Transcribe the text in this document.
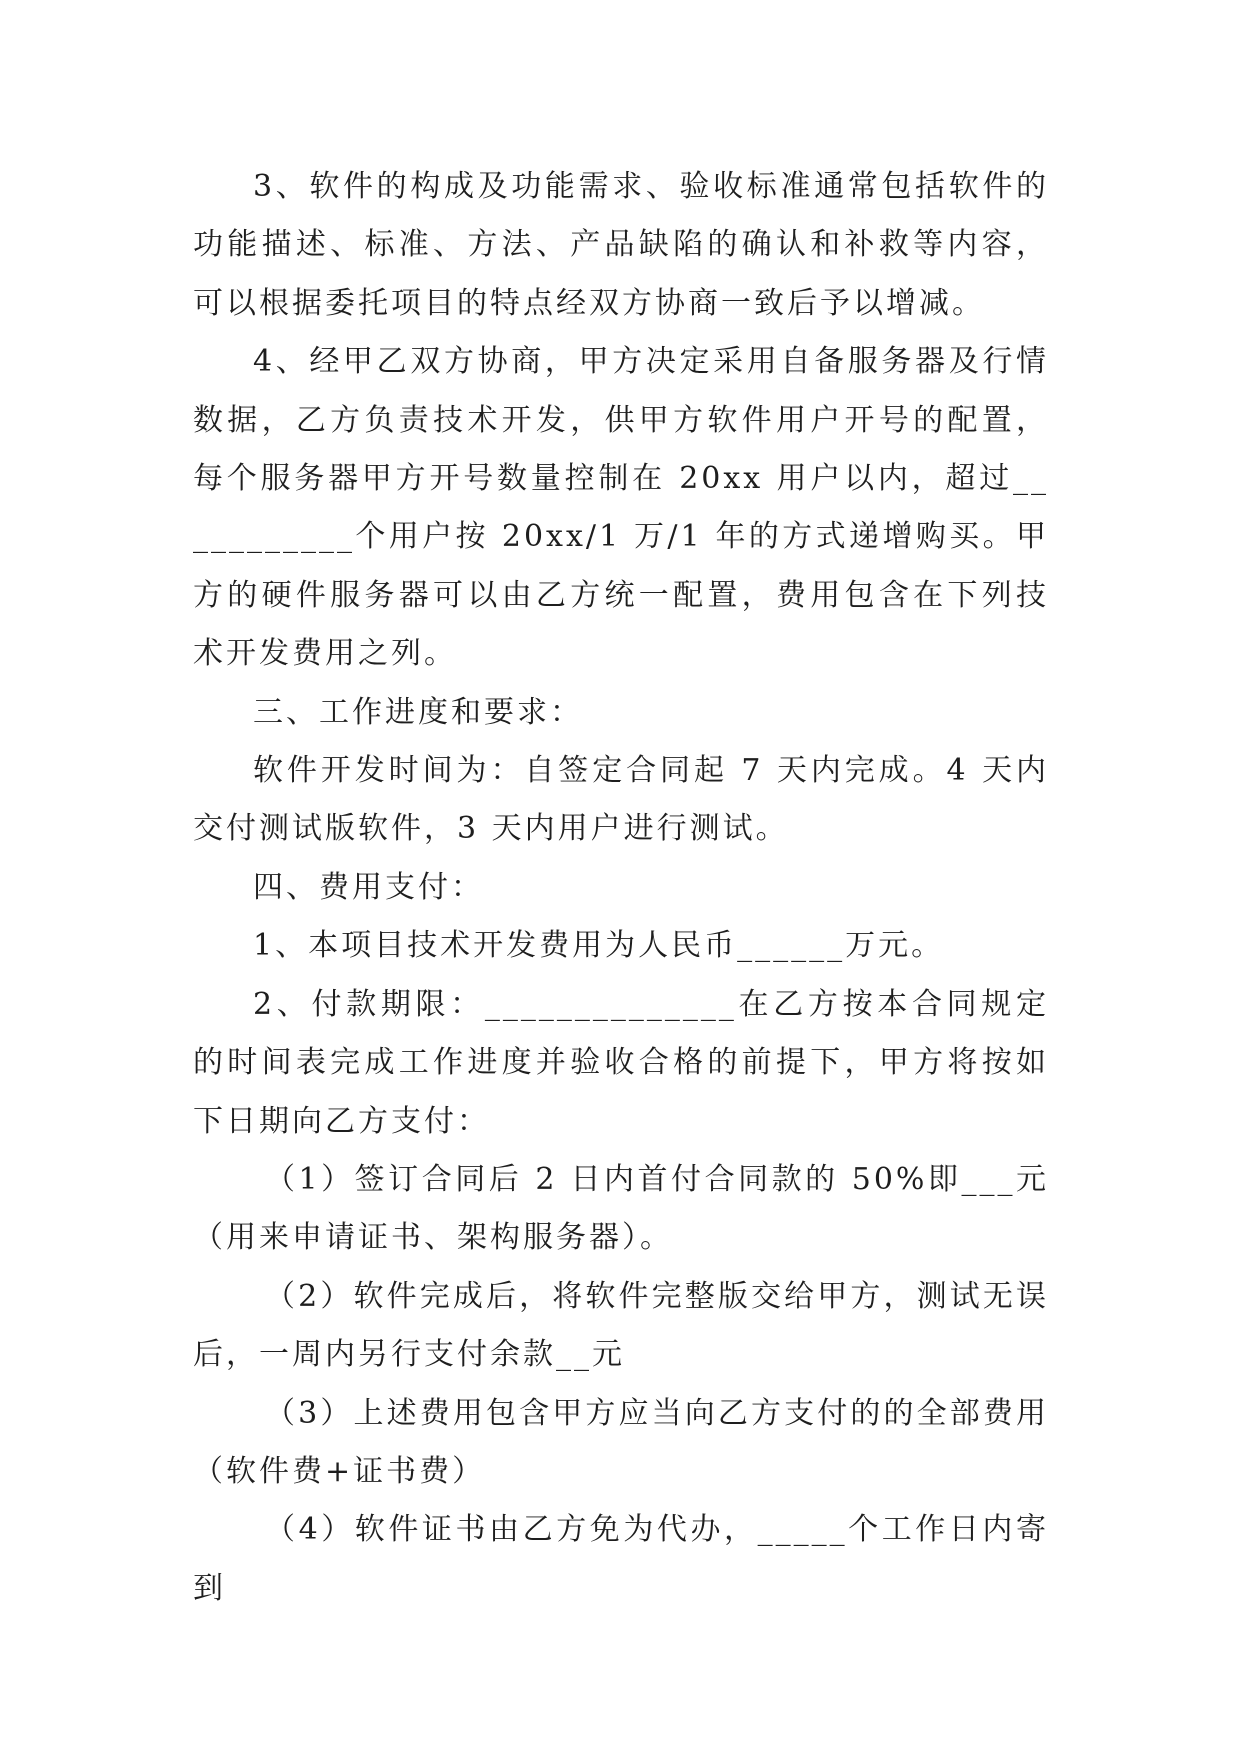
3、软件的构成及功能需求、验收标准通常包括软件的功能描述、标准、方法、产品缺陷的确认和补救等内容，可以根据委托项目的特点经双方协商一致后予以增减。

4、经甲乙双方协商，甲方决定采用自备服务器及行情数据，乙方负责技术开发，供甲方软件用户开号的配置，每个服务器甲方开号数量控制在 20xx 用户以内，超过___________个用户按 20xx/1 万/1 年的方式递增购买。甲方的硬件服务器可以由乙方统一配置，费用包含在下列技术开发费用之列。

三、工作进度和要求：

软件开发时间为：自签定合同起 7 天内完成。4 天内交付测试版软件，3 天内用户进行测试。

四、费用支付：

1、本项目技术开发费用为人民币______万元。

2、付款期限：______________在乙方按本合同规定的时间表完成工作进度并验收合格的前提下，甲方将按如下日期向乙方支付：

（1）签订合同后 2 日内首付合同款的 50%即___元（用来申请证书、架构服务器）。

（2）软件完成后，将软件完整版交给甲方，测试无误后，一周内另行支付余款__元

（3）上述费用包含甲方应当向乙方支付的的全部费用（软件费+证书费）

（4）软件证书由乙方免为代办，_____个工作日内寄到
